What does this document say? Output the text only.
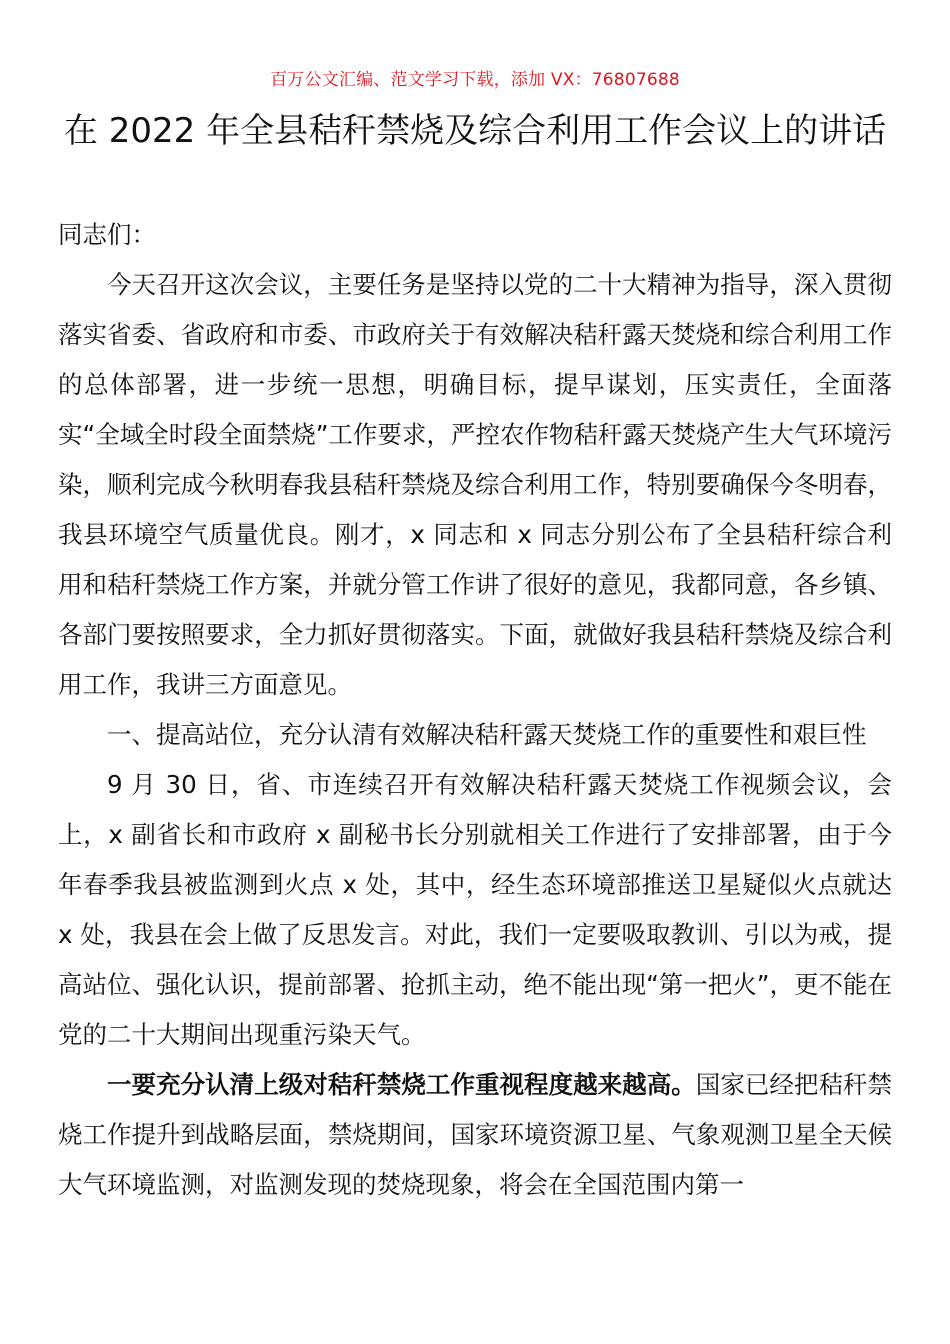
百万公文汇编、范文学习下载，添加 VX：76807688
在 2022 年全县秸秆禁烧及综合利用工作会议上的讲话

同志们：

今天召开这次会议，主要任务是坚持以党的二十大精神为指导，深入贯彻落实省委、省政府和市委、市政府关于有效解决秸秆露天焚烧和综合利用工作的总体部署，进一步统一思想，明确目标，提早谋划，压实责任，全面落实“全域全时段全面禁烧”工作要求，严控农作物秸秆露天焚烧产生大气环境污染，顺利完成今秋明春我县秸秆禁烧及综合利用工作，特别要确保今冬明春，我县环境空气质量优良。刚才，x 同志和 x 同志分别公布了全县秸秆综合利用和秸秆禁烧工作方案，并就分管工作讲了很好的意见，我都同意，各乡镇、各部门要按照要求，全力抓好贯彻落实。下面，就做好我县秸秆禁烧及综合利用工作，我讲三方面意见。

一、提高站位，充分认清有效解决秸秆露天焚烧工作的重要性和艰巨性

9 月 30 日，省、市连续召开有效解决秸秆露天焚烧工作视频会议，会上，x 副省长和市政府 x 副秘书长分别就相关工作进行了安排部署，由于今年春季我县被监测到火点 x 处，其中，经生态环境部推送卫星疑似火点就达 x 处，我县在会上做了反思发言。对此，我们一定要吸取教训、引以为戒，提高站位、强化认识，提前部署、抢抓主动，绝不能出现“第一把火”，更不能在党的二十大期间出现重污染天气。

一要充分认清上级对秸秆禁烧工作重视程度越来越高。国家已经把秸秆禁烧工作提升到战略层面，禁烧期间，国家环境资源卫星、气象观测卫星全天候大气环境监测，对监测发现的焚烧现象，将会在全国范围内第一
